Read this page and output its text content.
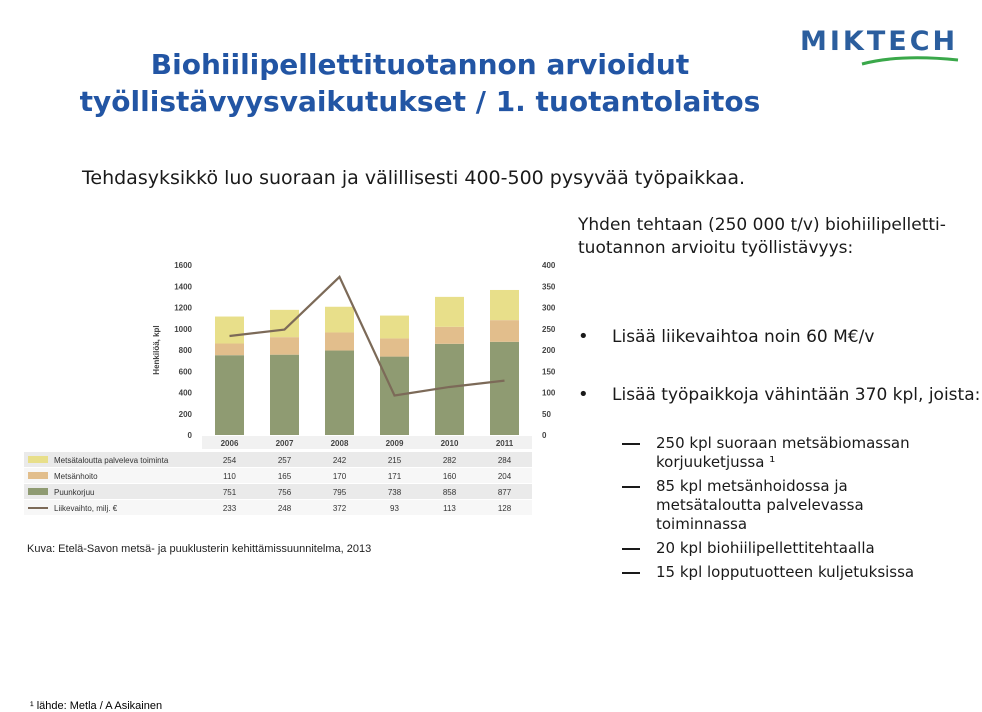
Biohiilipellettituotannon arvioidut
työllistävyysvaikutukset / 1. tuotantolaitos
MIKTECH
Tehdasyksikkö luo suoraan ja välillisesti 400-500 pysyvää työpaikkaa.
0
200
400
600
800
1000
1200
1400
1600
0
50
100
150
200
250
300
350
400
Henkilöä, kpl
2006	2007	2008	2009	2010	2011
Metsätaloutta palveleva toiminta	254	257	242	215	282	284
Metsänhoito	110	165	170	171	160	204
Puunkorjuu	751	756	795	738	858	877
Liikevaihto, milj. €	233	248	372	93	113	128
Kuva: Etelä-Savon metsä- ja puuklusterin kehittämissuunnitelma, 2013

Yhden tehtaan (250 000 t/v) biohiilipelletti-tuotannon arvioitu työllistävyys:

• Lisää liikevaihtoa noin 60 M€/v
• Lisää työpaikkoja vähintään 370 kpl, joista:
250 kpl suoraan metsäbiomassan korjuuketjussa ¹
85 kpl metsänhoidossa ja metsätaloutta palvelevassa toiminnassa
20 kpl biohiilipellettitehtaalla
15 kpl lopputuotteen kuljetuksissa
¹ lähde: Metla / A Asikainen
